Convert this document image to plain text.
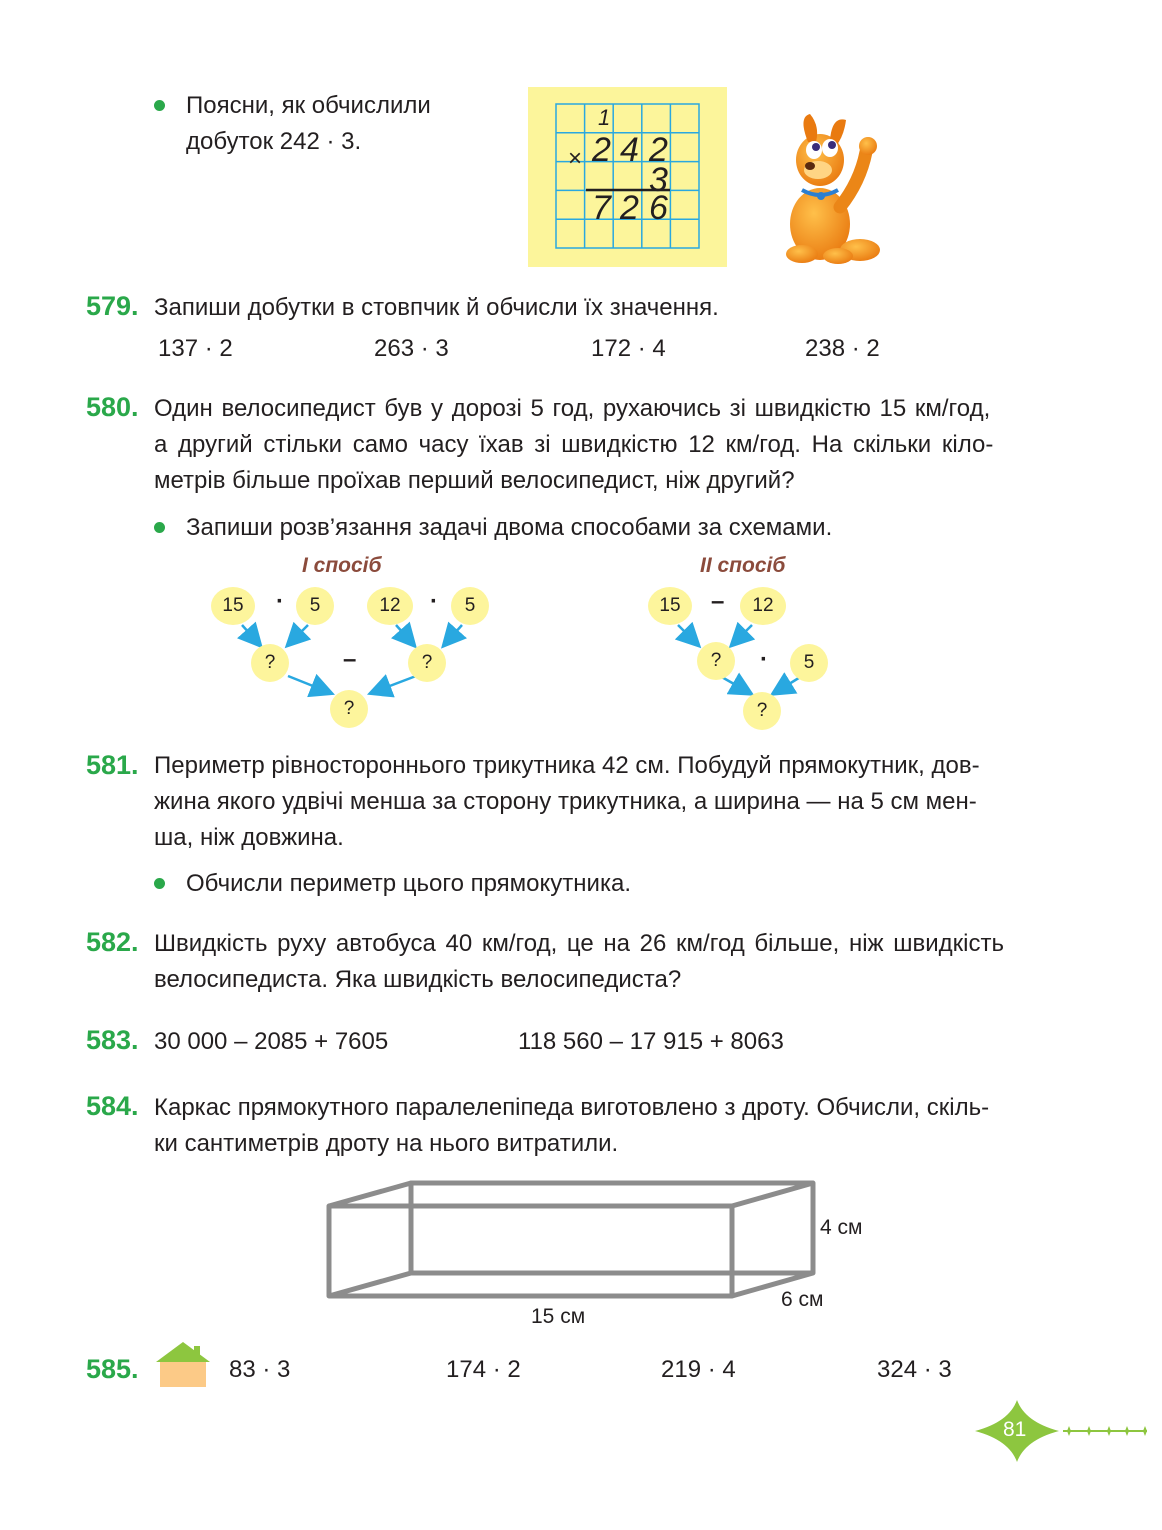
Поясни, як обчислили
добуток 242 · 3.
1
× 2 4 2
3
7 2 6
579. Запиши добутки в стовпчик й обчисли їх значення.
137 · 2	263 · 3	172 · 4	238 · 2
580. Один велосипедист був у дорозі 5 год, рухаючись зі швидкістю 15 км/год,
а другий стільки само часу їхав зі швидкістю 12 км/год. На скільки кіло-
метрів більше проїхав перший велосипедист, ніж другий?
Запиши розв’язання задачі двома способами за схемами.
І спосіб
15	·	5	12	·	5
?	–	?
?
ІІ спосіб
15	–	12
?	·	5
?
581. Периметр рівностороннього трикутника 42 см. Побудуй прямокутник, дов-
жина якого удвічі менша за сторону трикутника, а ширина — на 5 см мен-
ша, ніж довжина.
Обчисли периметр цього прямокутника.
582. Швидкість руху автобуса 40 км/год, це на 26 км/год більше, ніж швидкість
велосипедиста. Яка швидкість велосипедиста?
583. 30 000 – 2085 + 7605	118 560 – 17 915 + 8063
584. Каркас прямокутного паралелепіпеда виготовлено з дроту. Обчисли, скіль-
ки сантиметрів дроту на нього витратили.
4 см
6 см
15 см
585.	83 · 3	174 · 2	219 · 4	324 · 3
81
